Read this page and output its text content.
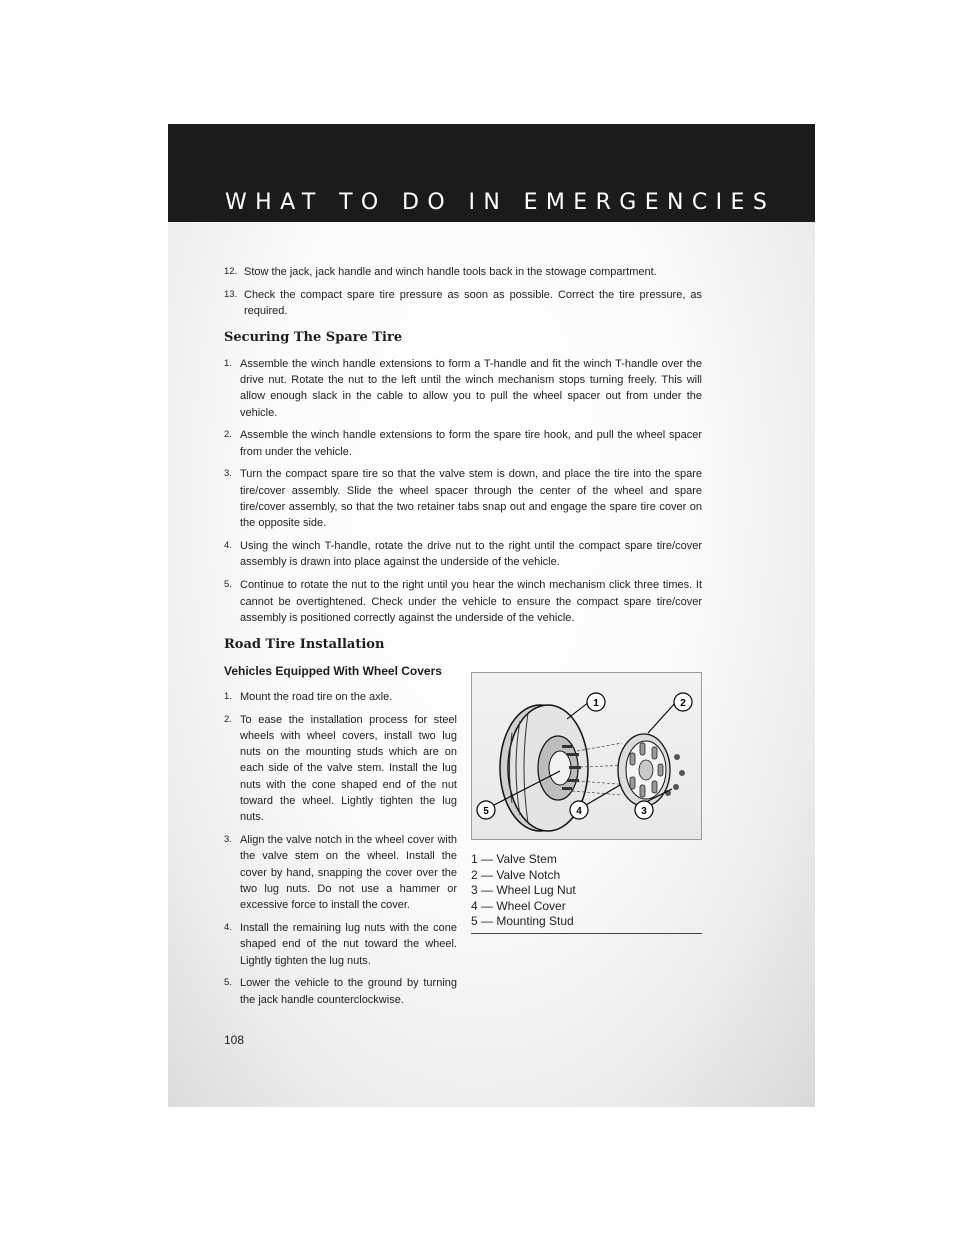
WHAT TO DO IN EMERGENCIES
12. Stow the jack, jack handle and winch handle tools back in the stowage compartment.
13. Check the compact spare tire pressure as soon as possible. Correct the tire pressure, as required.
Securing The Spare Tire
1. Assemble the winch handle extensions to form a T-handle and fit the winch T-handle over the drive nut. Rotate the nut to the left until the winch mechanism stops turning freely. This will allow enough slack in the cable to allow you to pull the wheel spacer out from under the vehicle.
2. Assemble the winch handle extensions to form the spare tire hook, and pull the wheel spacer from under the vehicle.
3. Turn the compact spare tire so that the valve stem is down, and place the tire into the spare tire/cover assembly. Slide the wheel spacer through the center of the wheel and spare tire/cover assembly, so that the two retainer tabs snap out and engage the spare tire cover on the opposite side.
4. Using the winch T-handle, rotate the drive nut to the right until the compact spare tire/cover assembly is drawn into place against the underside of the vehicle.
5. Continue to rotate the nut to the right until you hear the winch mechanism click three times. It cannot be overtightened. Check under the vehicle to ensure the compact spare tire/cover assembly is positioned correctly against the underside of the vehicle.
Road Tire Installation
Vehicles Equipped With Wheel Covers
1. Mount the road tire on the axle.
2. To ease the installation process for steel wheels with wheel covers, install two lug nuts on the mounting studs which are on each side of the valve stem. Install the lug nuts with the cone shaped end of the nut toward the wheel. Lightly tighten the lug nuts.
3. Align the valve notch in the wheel cover with the valve stem on the wheel. Install the cover by hand, snapping the cover over the two lug nuts. Do not use a hammer or excessive force to install the cover.
4. Install the remaining lug nuts with the cone shaped end of the nut toward the wheel. Lightly tighten the lug nuts.
5. Lower the vehicle to the ground by turning the jack handle counterclockwise.
1	2
3
4
5
1 — Valve Stem
2 — Valve Notch
3 — Wheel Lug Nut
4 — Wheel Cover
5 — Mounting Stud
108
